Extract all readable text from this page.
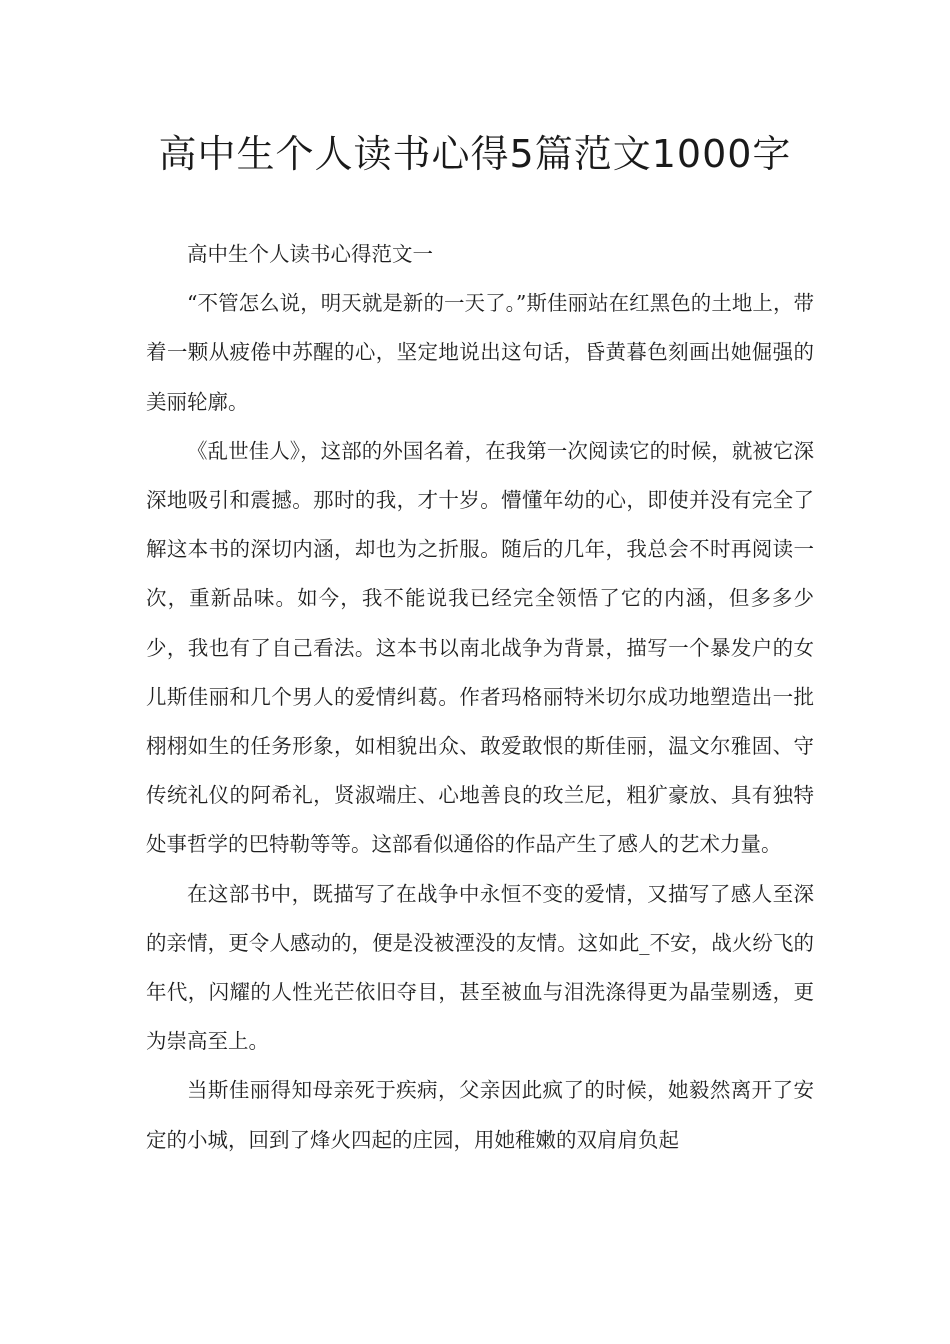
高中生个人读书心得5篇范文1000字

高中生个人读书心得范文一

“不管怎么说，明天就是新的一天了。”斯佳丽站在红黑色的土地上，带着一颗从疲倦中苏醒的心，坚定地说出这句话，昏黄暮色刻画出她倔强的美丽轮廓。

《乱世佳人》，这部的外国名着，在我第一次阅读它的时候，就被它深深地吸引和震撼。那时的我，才十岁。懵懂年幼的心，即使并没有完全了解这本书的深切内涵，却也为之折服。随后的几年，我总会不时再阅读一次，重新品味。如今，我不能说我已经完全领悟了它的内涵，但多多少少，我也有了自己看法。这本书以南北战争为背景，描写一个暴发户的女儿斯佳丽和几个男人的爱情纠葛。作者玛格丽特米切尔成功地塑造出一批栩栩如生的任务形象，如相貌出众、敢爱敢恨的斯佳丽，温文尔雅固、守传统礼仪的阿希礼，贤淑端庄、心地善良的玫兰尼，粗犷豪放、具有独特处事哲学的巴特勒等等。这部看似通俗的作品产生了感人的艺术力量。

在这部书中，既描写了在战争中永恒不变的爱情，又描写了感人至深的亲情，更令人感动的，便是没被湮没的友情。这如此_不安，战火纷飞的年代，闪耀的人性光芒依旧夺目，甚至被血与泪洗涤得更为晶莹剔透，更为崇高至上。

当斯佳丽得知母亲死于疾病，父亲因此疯了的时候，她毅然离开了安定的小城，回到了烽火四起的庄园，用她稚嫩的双肩肩负起
